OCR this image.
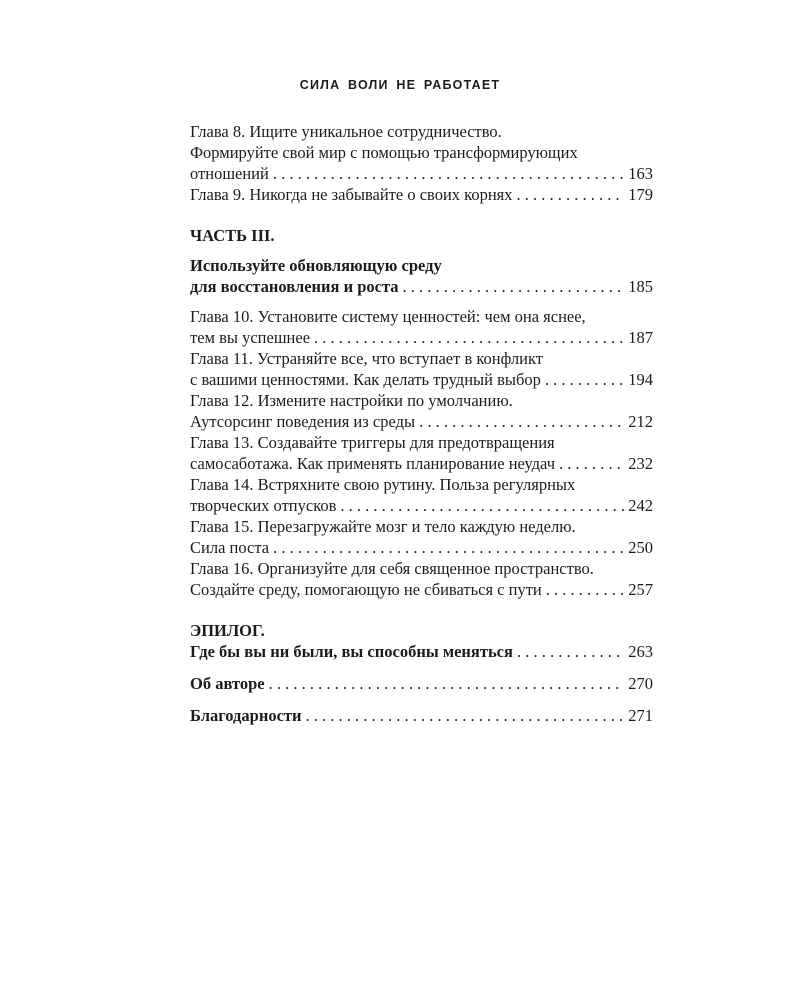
СИЛА ВОЛИ НЕ РАБОТАЕТ
Глава 8. Ищите уникальное сотрудничество.
Формируйте свой мир с помощью трансформирующих
отношений . . .	163
Глава 9. Никогда не забывайте о своих корнях . . .	179
ЧАСТЬ III.
Используйте обновляющую среду
для восстановления и роста . . .	185
Глава 10. Установите систему ценностей: чем она яснее,
тем вы успешнее . . .	187
Глава 11. Устраняйте все, что вступает в конфликт
с вашими ценностями. Как делать трудный выбор . . .	194
Глава 12. Измените настройки по умолчанию.
Аутсорсинг поведения из среды . . .	212
Глава 13. Создавайте триггеры для предотвращения
самосаботажа. Как применять планирование неудач . . .	232
Глава 14. Встряхните свою рутину. Польза регулярных
творческих отпусков . . .	242
Глава 15. Перезагружайте мозг и тело каждую неделю.
Сила поста . . .	250
Глава 16. Организуйте для себя священное пространство.
Создайте среду, помогающую не сбиваться с пути . . .	257
ЭПИЛОГ.
Где бы вы ни были, вы способны меняться . . .	263
Об авторе . . .	270
Благодарности . . .	271
